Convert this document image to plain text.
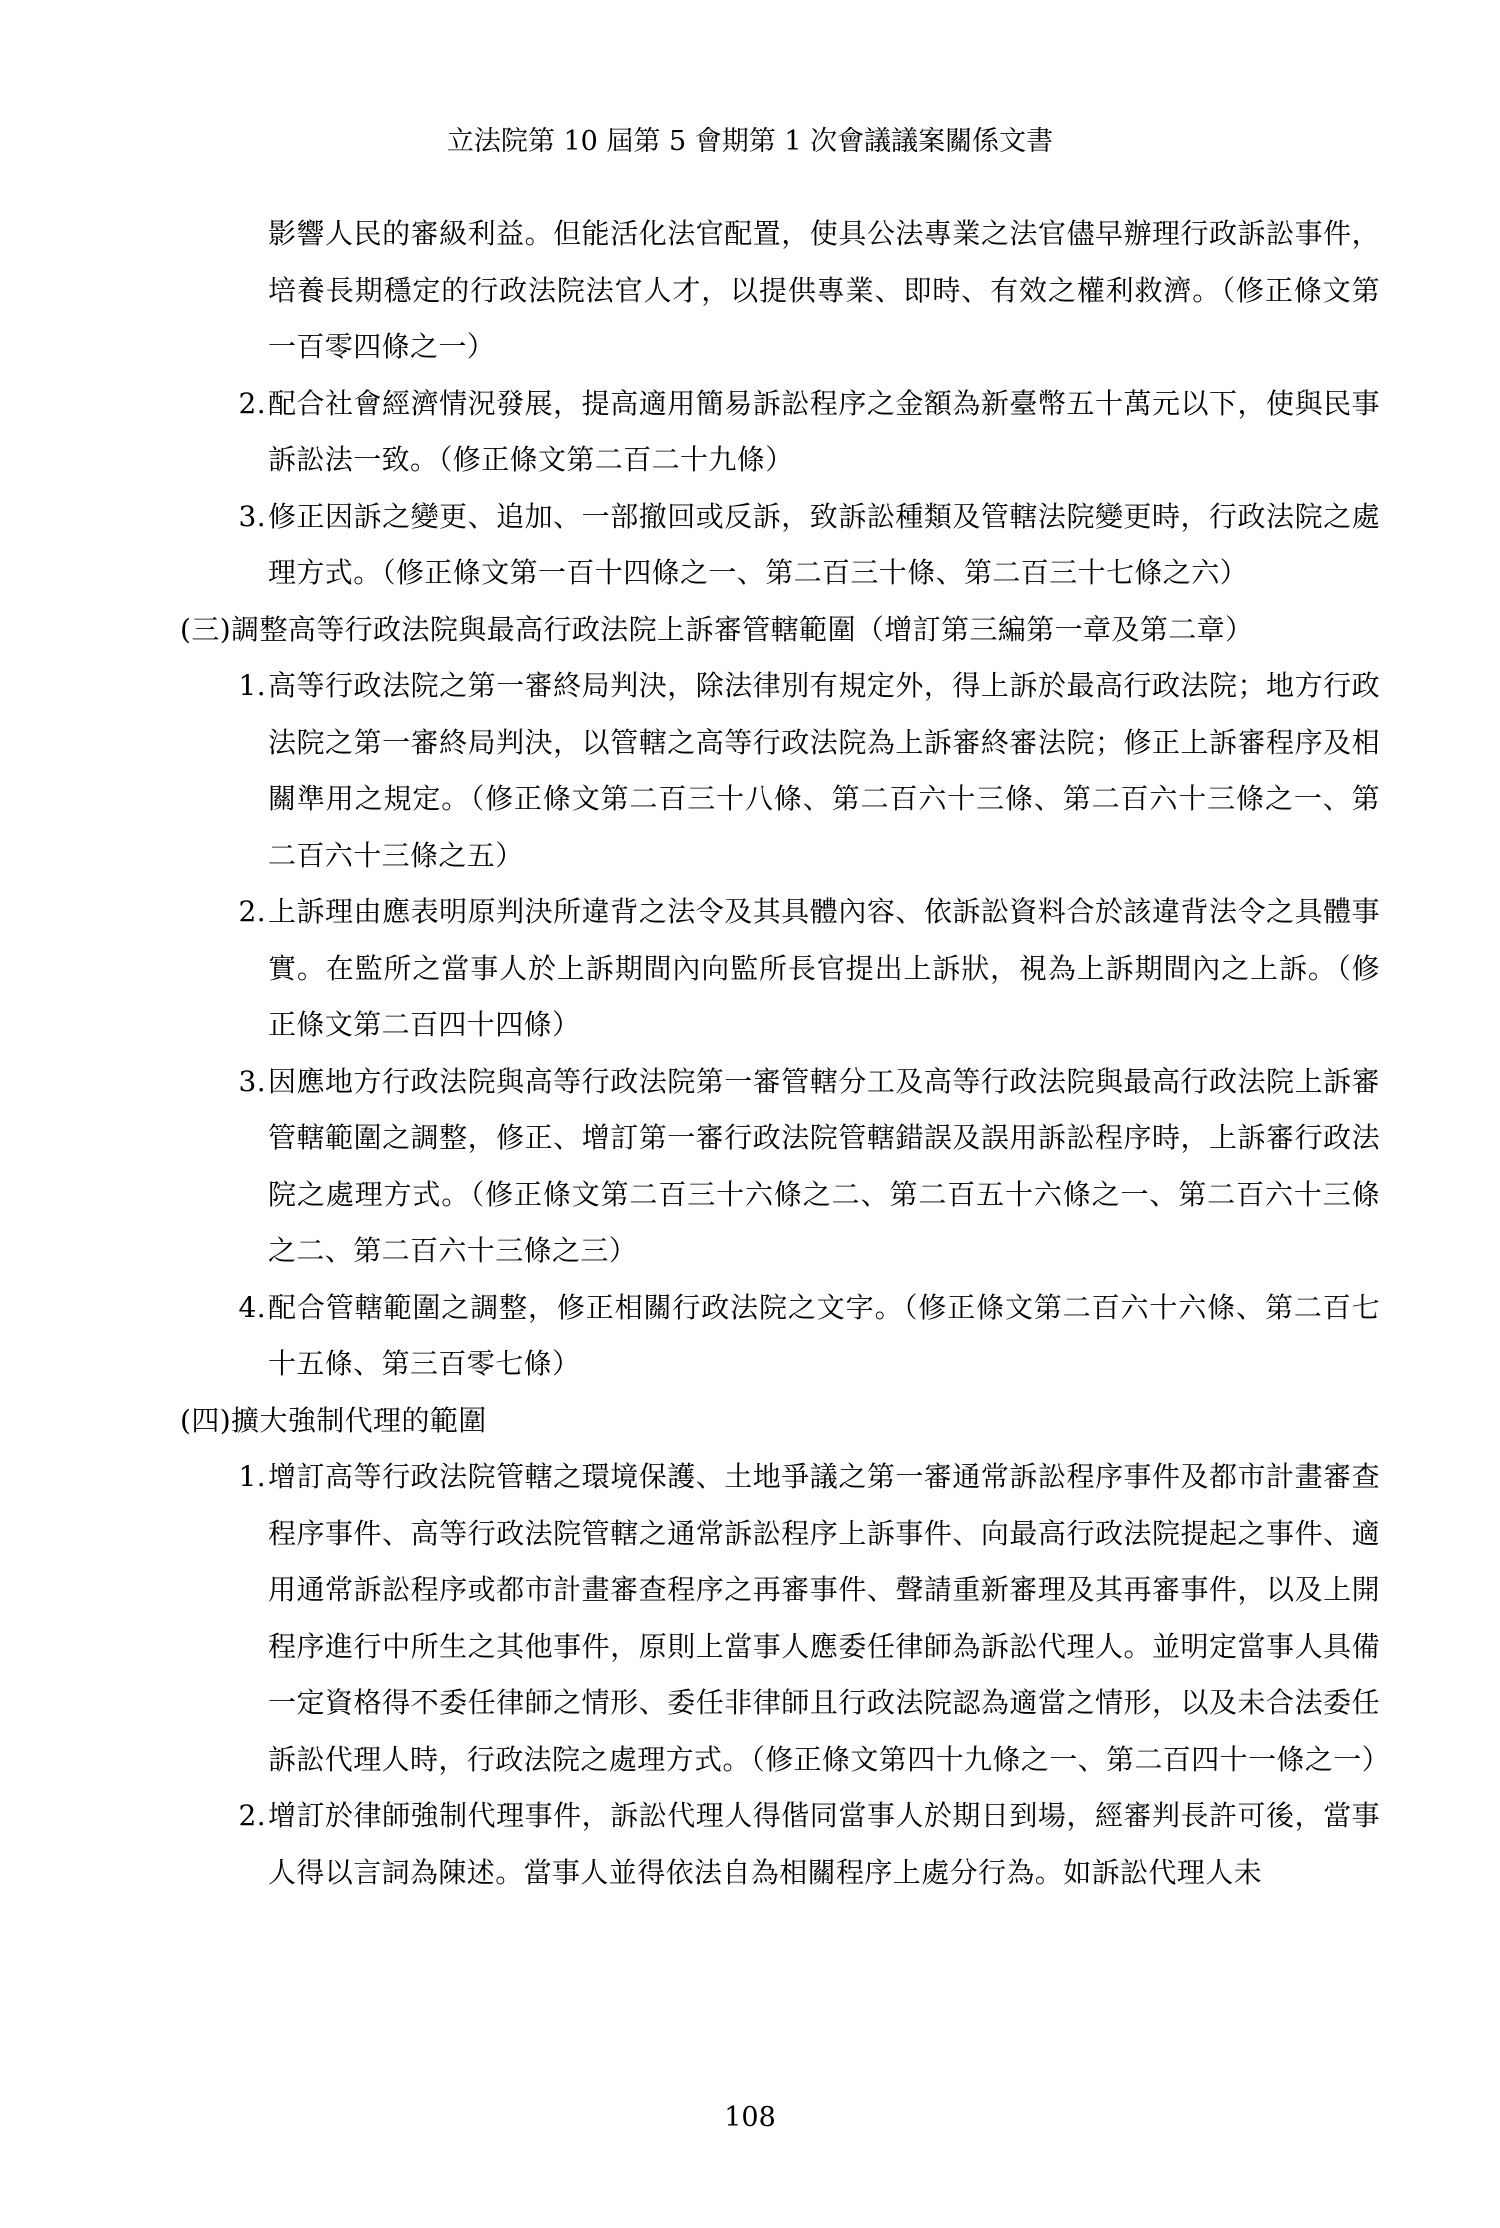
立法院第 10 屆第 5 會期第 1 次會議議案關係文書
影響人民的審級利益。但能活化法官配置，使具公法專業之法官儘早辦理行政訴訟事件，培養長期穩定的行政法院法官人才，以提供專業、即時、有效之權利救濟。（修正條文第一百零四條之一）
2. 配合社會經濟情況發展，提高適用簡易訴訟程序之金額為新臺幣五十萬元以下，使與民事訴訟法一致。（修正條文第二百二十九條）
3. 修正因訴之變更、追加、一部撤回或反訴，致訴訟種類及管轄法院變更時，行政法院之處理方式。（修正條文第一百十四條之一、第二百三十條、第二百三十七條之六）
(三)調整高等行政法院與最高行政法院上訴審管轄範圍（增訂第三編第一章及第二章）
1. 高等行政法院之第一審終局判決，除法律別有規定外，得上訴於最高行政法院；地方行政法院之第一審終局判決，以管轄之高等行政法院為上訴審終審法院；修正上訴審程序及相關準用之規定。（修正條文第二百三十八條、第二百六十三條、第二百六十三條之一、第二百六十三條之五）
2. 上訴理由應表明原判決所違背之法令及其具體內容、依訴訟資料合於該違背法令之具體事實。在監所之當事人於上訴期間內向監所長官提出上訴狀，視為上訴期間內之上訴。（修正條文第二百四十四條）
3. 因應地方行政法院與高等行政法院第一審管轄分工及高等行政法院與最高行政法院上訴審管轄範圍之調整，修正、增訂第一審行政法院管轄錯誤及誤用訴訟程序時，上訴審行政法院之處理方式。（修正條文第二百三十六條之二、第二百五十六條之一、第二百六十三條之二、第二百六十三條之三）
4. 配合管轄範圍之調整，修正相關行政法院之文字。（修正條文第二百六十六條、第二百七十五條、第三百零七條）
(四)擴大強制代理的範圍
1. 增訂高等行政法院管轄之環境保護、土地爭議之第一審通常訴訟程序事件及都市計畫審查程序事件、高等行政法院管轄之通常訴訟程序上訴事件、向最高行政法院提起之事件、適用通常訴訟程序或都市計畫審查程序之再審事件、聲請重新審理及其再審事件，以及上開程序進行中所生之其他事件，原則上當事人應委任律師為訴訟代理人。並明定當事人具備一定資格得不委任律師之情形、委任非律師且行政法院認為適當之情形，以及未合法委任訴訟代理人時，行政法院之處理方式。（修正條文第四十九條之一、第二百四十一條之一）
2. 增訂於律師強制代理事件，訴訟代理人得偕同當事人於期日到場，經審判長許可後，當事人得以言詞為陳述。當事人並得依法自為相關程序上處分行為。如訴訟代理人未
108
